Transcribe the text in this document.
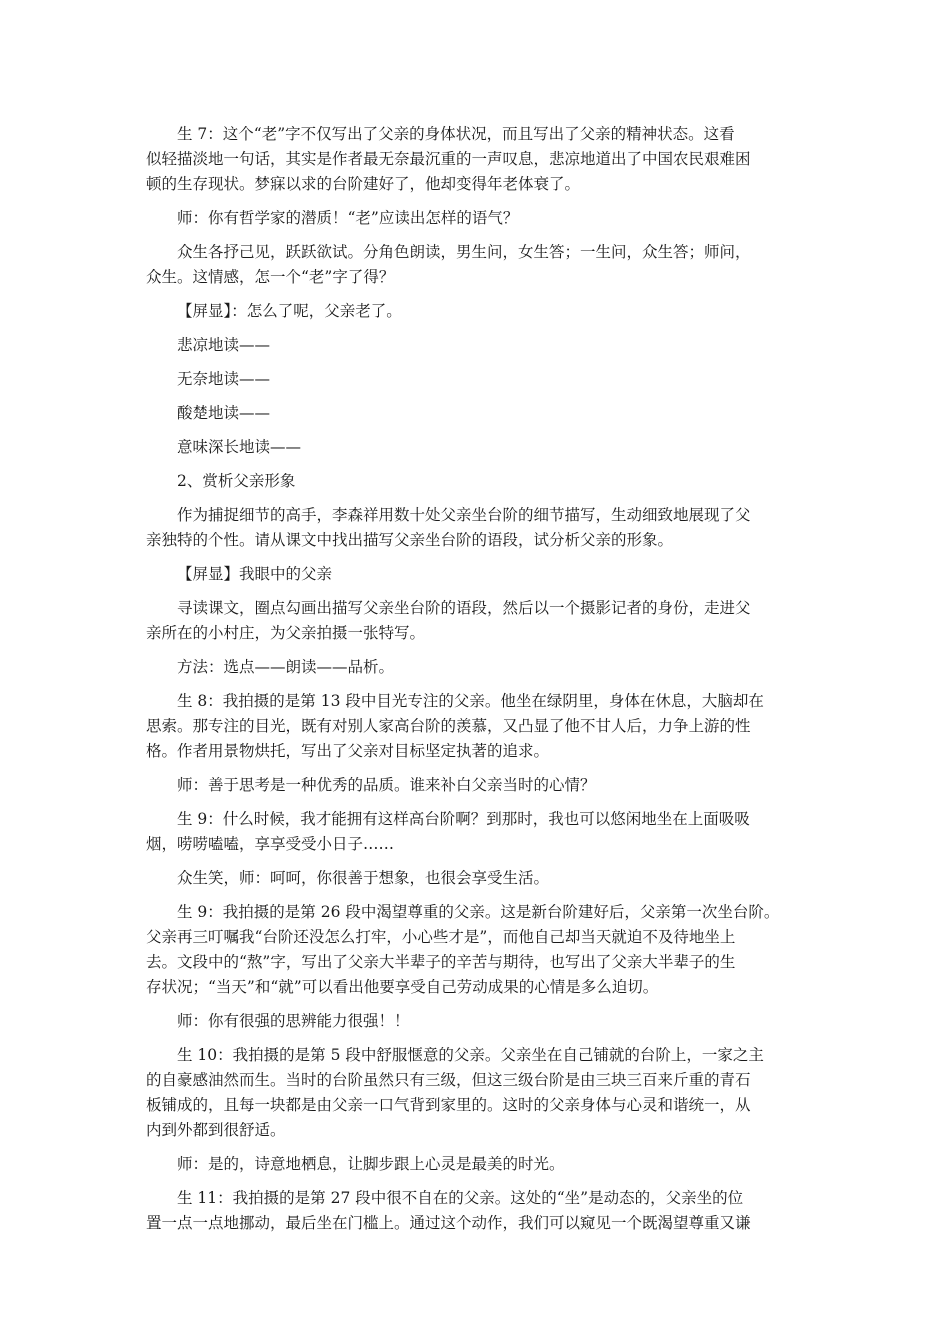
生 7：这个“老”字不仅写出了父亲的身体状况，而且写出了父亲的精神状态。这看
似轻描淡地一句话，其实是作者最无奈最沉重的一声叹息，悲凉地道出了中国农民艰难困
顿的生存现状。梦寐以求的台阶建好了，他却变得年老体衰了。
师：你有哲学家的潜质！“老”应读出怎样的语气？
众生各抒己见，跃跃欲试。分角色朗读，男生问，女生答；一生问，众生答；师问，
众生。这情感，怎一个“老”字了得？
【屏显】：怎么了呢，父亲老了。
悲凉地读——
无奈地读——
酸楚地读——
意味深长地读——
2、赏析父亲形象
作为捕捉细节的高手，李森祥用数十处父亲坐台阶的细节描写，生动细致地展现了父
亲独特的个性。请从课文中找出描写父亲坐台阶的语段，试分析父亲的形象。
【屏显】我眼中的父亲
寻读课文，圈点勾画出描写父亲坐台阶的语段，然后以一个摄影记者的身份，走进父
亲所在的小村庄，为父亲拍摄一张特写。
方法：选点——朗读——品析。
生 8：我拍摄的是第 13 段中目光专注的父亲。他坐在绿阴里，身体在休息，大脑却在
思索。那专注的目光，既有对别人家高台阶的羡慕，又凸显了他不甘人后，力争上游的性
格。作者用景物烘托，写出了父亲对目标坚定执著的追求。
师：善于思考是一种优秀的品质。谁来补白父亲当时的心情？
生 9：什么时候，我才能拥有这样高台阶啊？到那时，我也可以悠闲地坐在上面吸吸
烟，唠唠嗑嗑，享享受受小日子……
众生笑，师：呵呵，你很善于想象，也很会享受生活。
生 9：我拍摄的是第 26 段中渴望尊重的父亲。这是新台阶建好后，父亲第一次坐台阶。
父亲再三叮嘱我“台阶还没怎么打牢，小心些才是”，而他自己却当天就迫不及待地坐上
去。文段中的“熬”字，写出了父亲大半辈子的辛苦与期待，也写出了父亲大半辈子的生
存状况；“当天”和“就”可以看出他要享受自己劳动成果的心情是多么迫切。
师：你有很强的思辨能力很强！！
生 10：我拍摄的是第 5 段中舒服惬意的父亲。父亲坐在自己铺就的台阶上，一家之主
的自豪感油然而生。当时的台阶虽然只有三级，但这三级台阶是由三块三百来斤重的青石
板铺成的，且每一块都是由父亲一口气背到家里的。这时的父亲身体与心灵和谐统一，从
内到外都到很舒适。
师：是的，诗意地栖息，让脚步跟上心灵是最美的时光。
生 11：我拍摄的是第 27 段中很不自在的父亲。这处的“坐”是动态的，父亲坐的位
置一点一点地挪动，最后坐在门槛上。通过这个动作，我们可以窥见一个既渴望尊重又谦
